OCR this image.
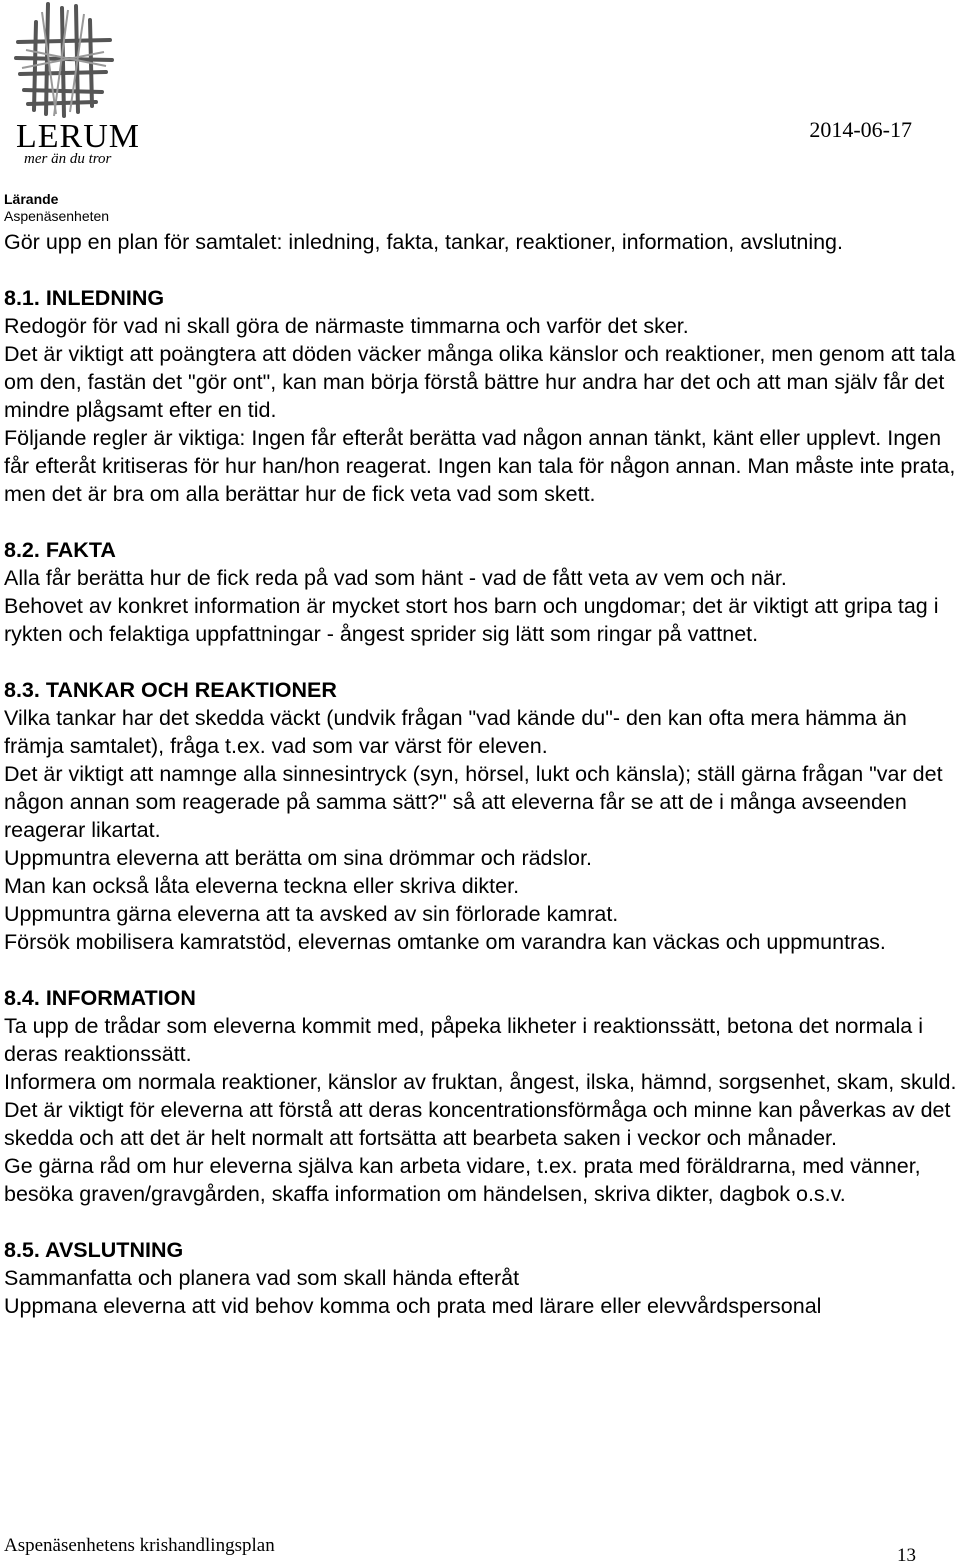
LERUM
mer än du tror
2014-06-17
Lärande
Aspenäsenheten

Gör upp en plan för samtalet: inledning, fakta, tankar, reaktioner, information, avslutning.

8.1. INLEDNING

Redogör för vad ni skall göra de närmaste timmarna och varför det sker.

Det är viktigt att poängtera att döden väcker många olika känslor och reaktioner, men genom att tala om den, fastän det "gör ont", kan man börja förstå bättre hur andra har det och att man själv får det mindre plågsamt efter en tid.

Följande regler är viktiga: Ingen får efteråt berätta vad någon annan tänkt, känt eller upplevt. Ingen får efteråt kritiseras för hur han/hon reagerat. Ingen kan tala för någon annan. Man måste inte prata, men det är bra om alla berättar hur de fick veta vad som skett.

8.2. FAKTA

Alla får berätta hur de fick reda på vad som hänt - vad de fått veta av vem och när.

Behovet av konkret information är mycket stort hos barn och ungdomar; det är viktigt att gripa tag i rykten och felaktiga uppfattningar - ångest sprider sig lätt som ringar på vattnet.

8.3. TANKAR OCH REAKTIONER

Vilka tankar har det skedda väckt (undvik frågan "vad kände du"- den kan ofta mera hämma än främja samtalet), fråga t.ex. vad som var värst för eleven.

Det är viktigt att namnge alla sinnesintryck (syn, hörsel, lukt och känsla); ställ gärna frågan "var det någon annan som reagerade på samma sätt?" så att eleverna får se att de i många avseenden reagerar likartat.

Uppmuntra eleverna att berätta om sina drömmar och rädslor.

Man kan också låta eleverna teckna eller skriva dikter.

Uppmuntra gärna eleverna att ta avsked av sin förlorade kamrat.

Försök mobilisera kamratstöd, elevernas omtanke om varandra kan väckas och uppmuntras.

8.4. INFORMATION

Ta upp de trådar som eleverna kommit med, påpeka likheter i reaktionssätt, betona det normala i deras reaktionssätt.

Informera om normala reaktioner, känslor av fruktan, ångest, ilska, hämnd, sorgsenhet, skam, skuld.

Det är viktigt för eleverna att förstå att deras koncentrationsförmåga och minne kan påverkas av det skedda och att det är helt normalt att fortsätta att bearbeta saken i veckor och månader.

Ge gärna råd om hur eleverna själva kan arbeta vidare, t.ex. prata med föräldrarna, med vänner, besöka graven/gravgården, skaffa information om händelsen, skriva dikter, dagbok o.s.v.

8.5. AVSLUTNING

Sammanfatta och planera vad som skall hända efteråt

Uppmana eleverna att vid behov komma och prata med lärare eller elevvårdspersonal

Aspenäsenhetens krishandlingsplan	13
